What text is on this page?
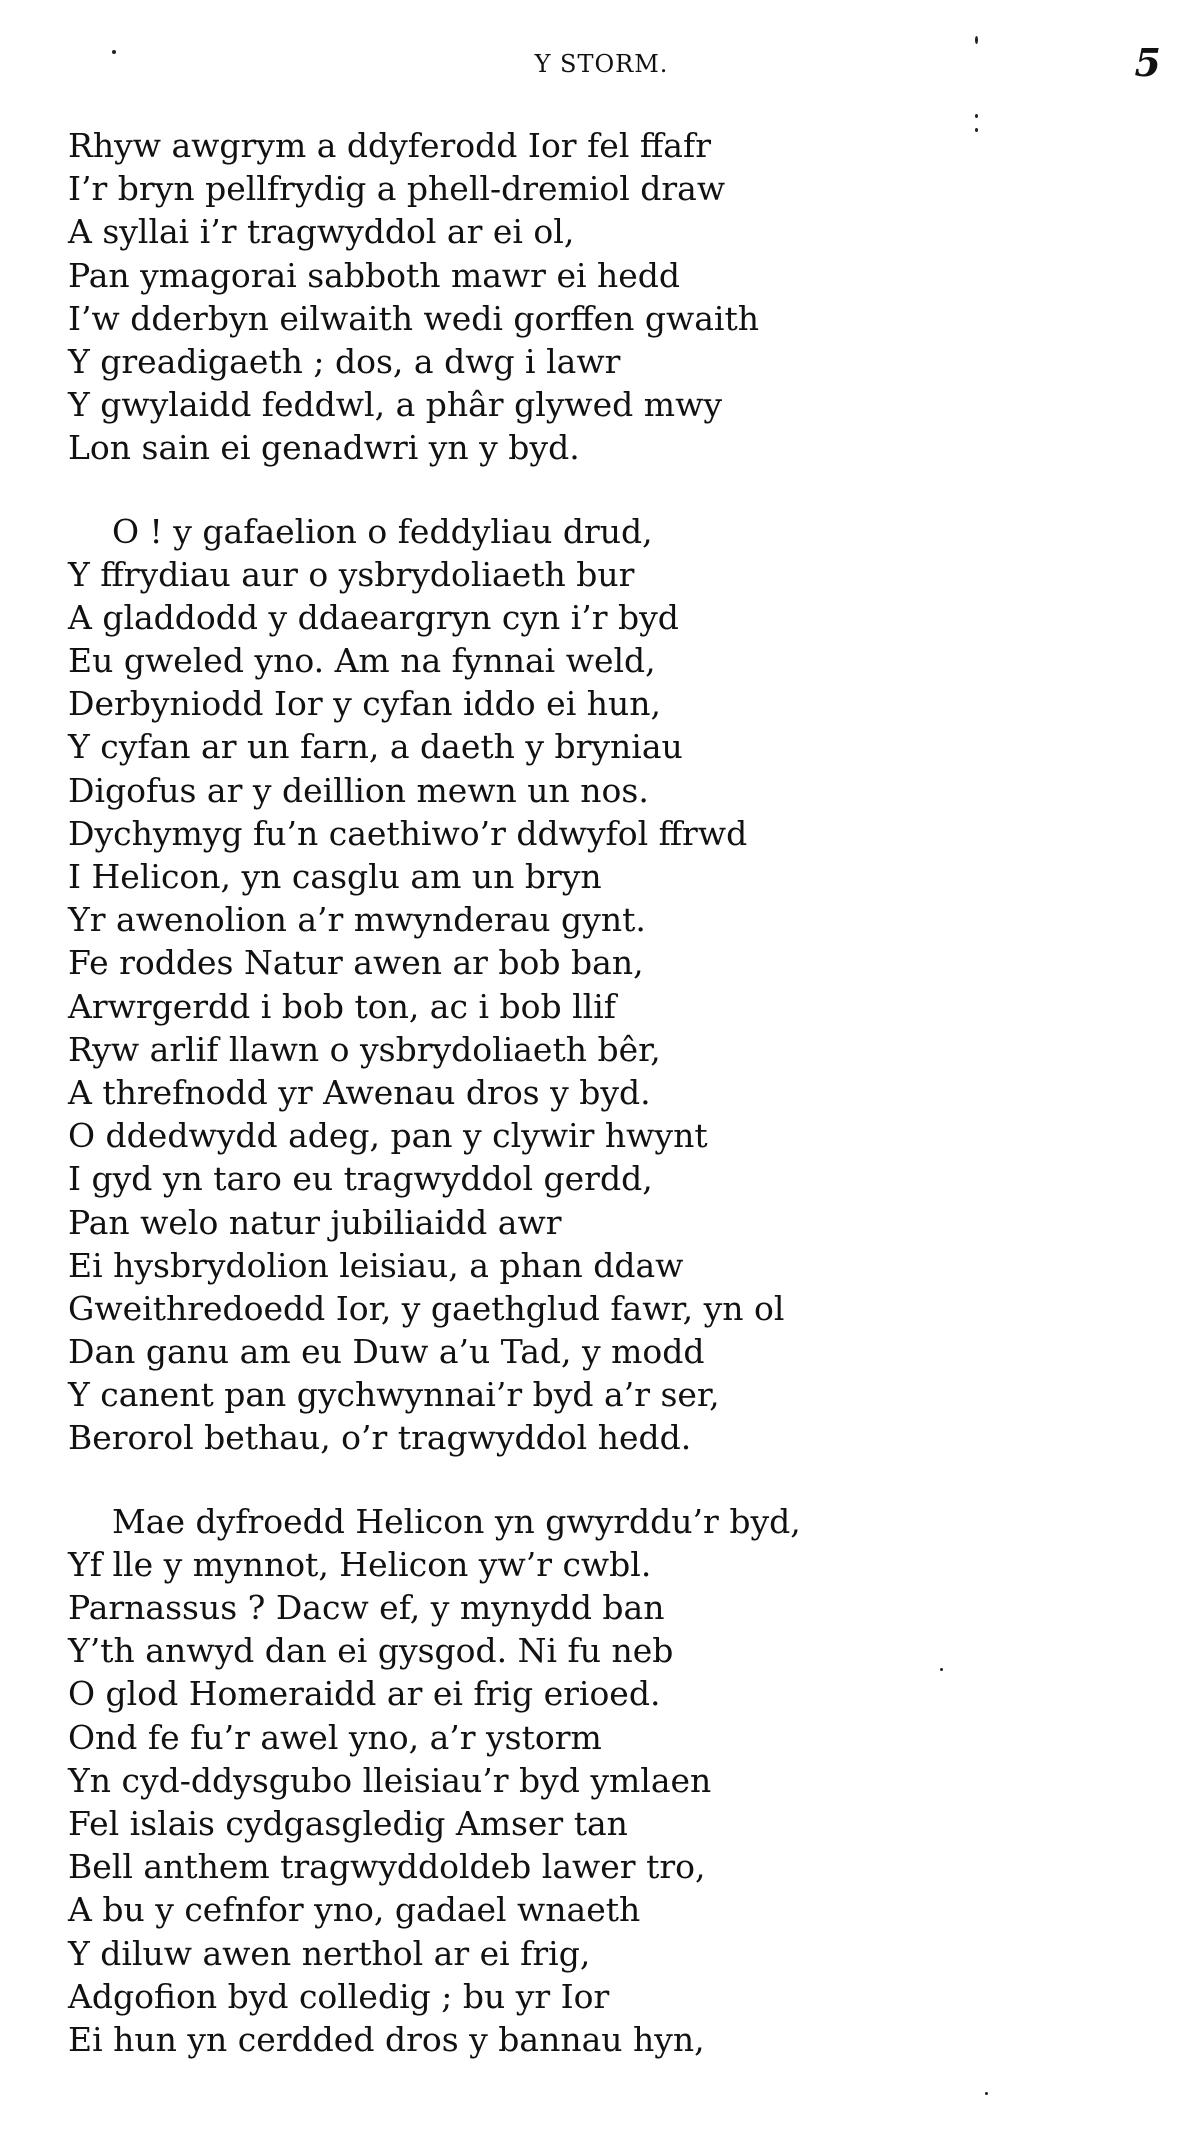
Y STORM.	5
Rhyw awgrym a ddyferodd Ior fel ffafr
I’r bryn pellfrydig a phell-dremiol draw
A syllai i’r tragwyddol ar ei ol,
Pan ymagorai sabboth mawr ei hedd
I’w dderbyn eilwaith wedi gorffen gwaith
Y greadigaeth ; dos, a dwg i lawr
Y gwylaidd feddwl, a phâr glywed mwy
Lon sain ei genadwri yn y byd.
O ! y gafaelion o feddyliau drud,
Y ffrydiau aur o ysbrydoliaeth bur
A gladdodd y ddaeargryn cyn i’r byd
Eu gweled yno. Am na fynnai weld,
Derbyniodd Ior y cyfan iddo ei hun,
Y cyfan ar un farn, a daeth y bryniau
Digofus ar y deillion mewn un nos.
Dychymyg fu’n caethiwo’r ddwyfol ffrwd
I Helicon, yn casglu am un bryn
Yr awenolion a’r mwynderau gynt.
Fe roddes Natur awen ar bob ban,
Arwrgerdd i bob ton, ac i bob llif
Ryw arlif llawn o ysbrydoliaeth bêr,
A threfnodd yr Awenau dros y byd.
O ddedwydd adeg, pan y clywir hwynt
I gyd yn taro eu tragwyddol gerdd,
Pan welo natur jubiliaidd awr
Ei hysbrydolion leisiau, a phan ddaw
Gweithredoedd Ior, y gaethglud fawr, yn ol
Dan ganu am eu Duw a’u Tad, y modd
Y canent pan gychwynnai’r byd a’r ser,
Berorol bethau, o’r tragwyddol hedd.
Mae dyfroedd Helicon yn gwyrddu’r byd,
Yf lle y mynnot, Helicon yw’r cwbl.
Parnassus ? Dacw ef, y mynydd ban
Y’th anwyd dan ei gysgod. Ni fu neb
O glod Homeraidd ar ei frig erioed.
Ond fe fu’r awel yno, a’r ystorm
Yn cyd-ddysgubo lleisiau’r byd ymlaen
Fel islais cydgasgledig Amser tan
Bell anthem tragwyddoldeb lawer tro,
A bu y cefnfor yno, gadael wnaeth
Y diluw awen nerthol ar ei frig,
Adgofion byd colledig ; bu yr Ior
Ei hun yn cerdded dros y bannau hyn,
